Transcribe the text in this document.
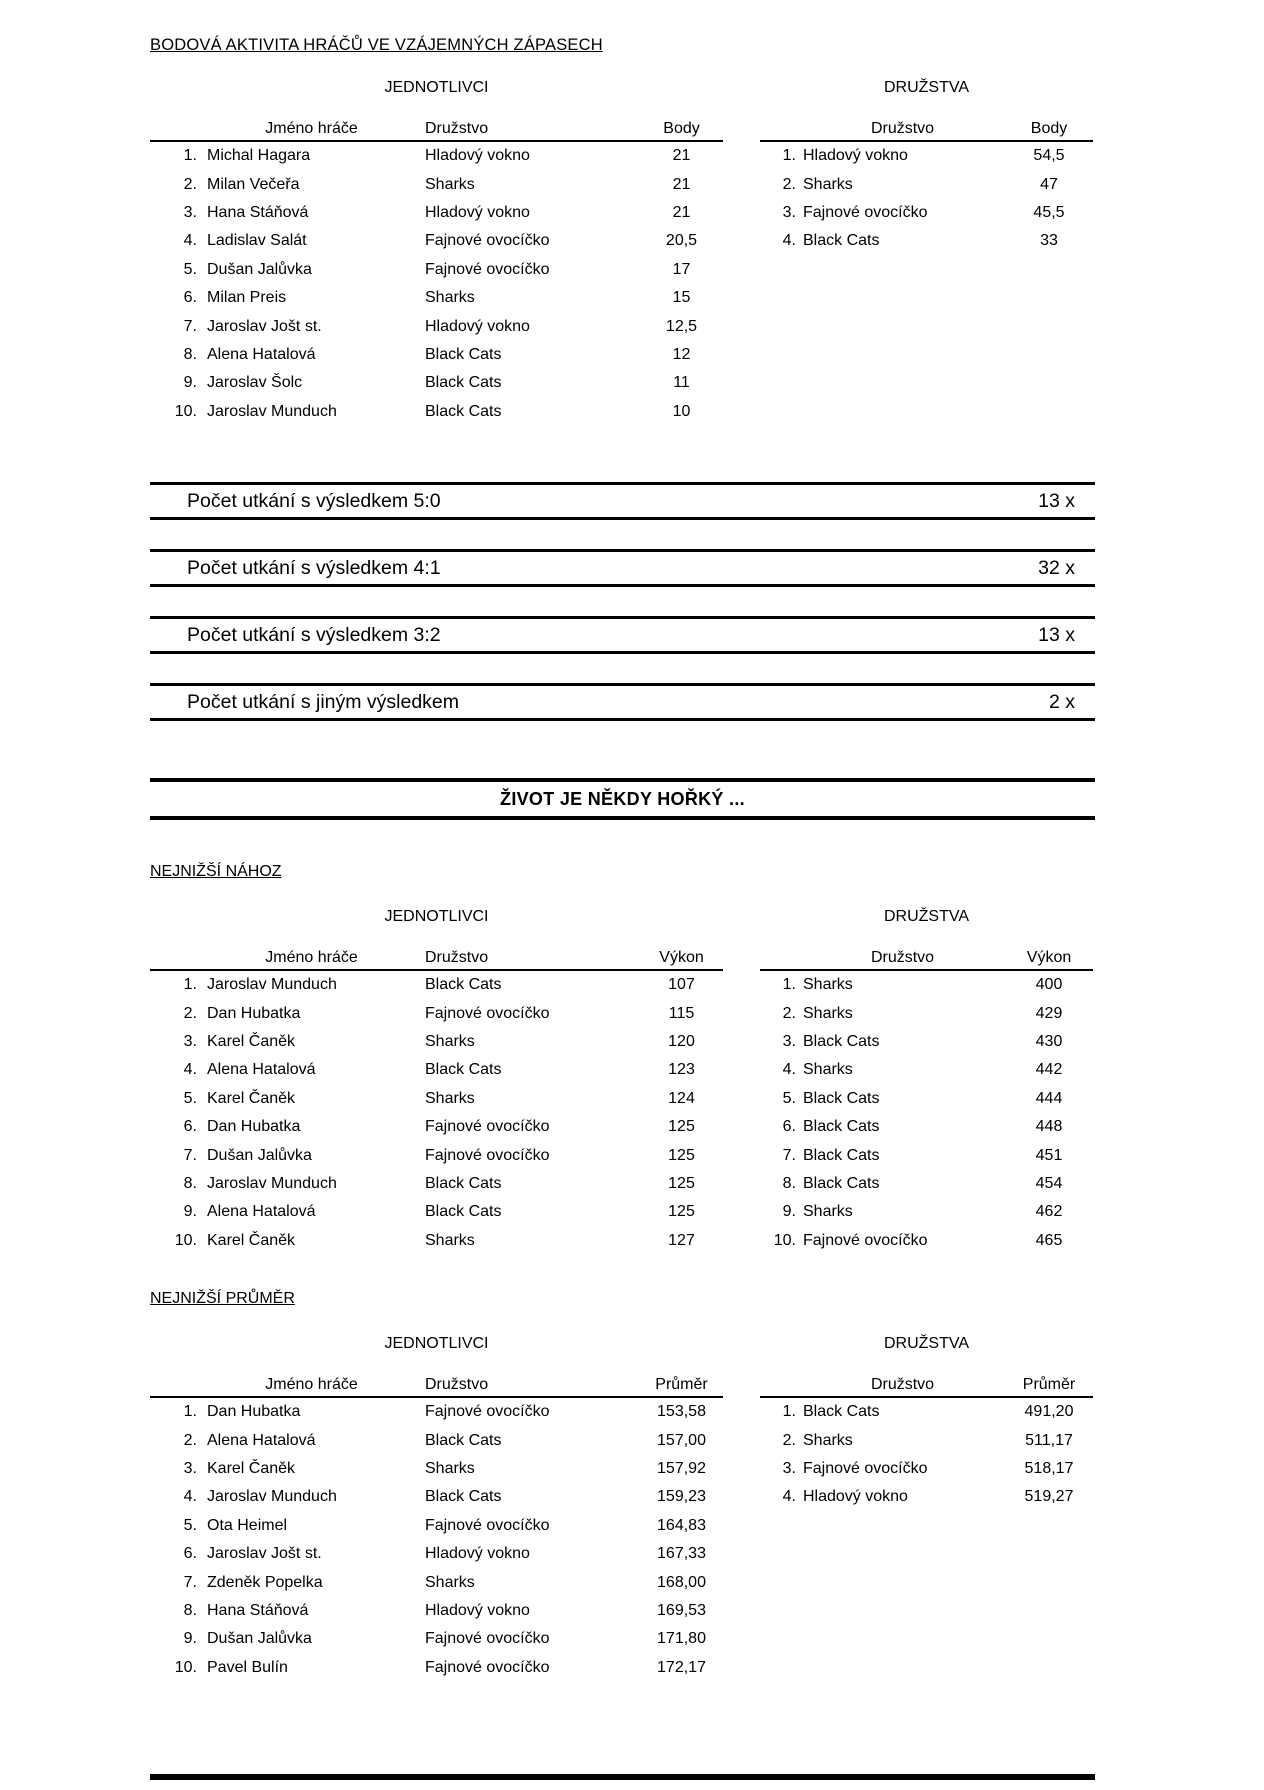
BODOVÁ AKTIVITA HRÁČŮ VE VZÁJEMNÝCH ZÁPASECH
JEDNOTLIVCI
Jméno hráče	Družstvo	Body
1. Michal Hagara	Hladový vokno	21
2. Milan Večeřa	Sharks	21
3. Hana Stáňová	Hladový vokno	21
4. Ladislav Salát	Fajnové ovocíčko	20,5
5. Dušan Jalůvka	Fajnové ovocíčko	17
6. Milan Preis	Sharks	15
7. Jaroslav Jošt st.	Hladový vokno	12,5
8. Alena Hatalová	Black Cats	12
9. Jaroslav Šolc	Black Cats	11
10. Jaroslav Munduch	Black Cats	10
DRUŽSTVA
Družstvo	Body
1. Hladový vokno	54,5
2. Sharks	47
3. Fajnové ovocíčko	45,5
4. Black Cats	33
Počet utkání s výsledkem 5:0	13 x
Počet utkání s výsledkem 4:1	32 x
Počet utkání s výsledkem 3:2	13 x
Počet utkání s jiným výsledkem	2 x
ŽIVOT JE NĚKDY HOŘKÝ ...
NEJNIŽŠÍ NÁHOZ
JEDNOTLIVCI
Jméno hráče	Družstvo	Výkon
1. Jaroslav Munduch	Black Cats	107
2. Dan Hubatka	Fajnové ovocíčko	115
3. Karel Čaněk	Sharks	120
4. Alena Hatalová	Black Cats	123
5. Karel Čaněk	Sharks	124
6. Dan Hubatka	Fajnové ovocíčko	125
7. Dušan Jalůvka	Fajnové ovocíčko	125
8. Jaroslav Munduch	Black Cats	125
9. Alena Hatalová	Black Cats	125
10. Karel Čaněk	Sharks	127
DRUŽSTVA
Družstvo	Výkon
1. Sharks	400
2. Sharks	429
3. Black Cats	430
4. Sharks	442
5. Black Cats	444
6. Black Cats	448
7. Black Cats	451
8. Black Cats	454
9. Sharks	462
10. Fajnové ovocíčko	465
NEJNIŽŠÍ PRŮMĚR
JEDNOTLIVCI
Jméno hráče	Družstvo	Průměr
1. Dan Hubatka	Fajnové ovocíčko	153,58
2. Alena Hatalová	Black Cats	157,00
3. Karel Čaněk	Sharks	157,92
4. Jaroslav Munduch	Black Cats	159,23
5. Ota Heimel	Fajnové ovocíčko	164,83
6. Jaroslav Jošt st.	Hladový vokno	167,33
7. Zdeněk Popelka	Sharks	168,00
8. Hana Stáňová	Hladový vokno	169,53
9. Dušan Jalůvka	Fajnové ovocíčko	171,80
10. Pavel Bulín	Fajnové ovocíčko	172,17
DRUŽSTVA
Družstvo	Průměr
1. Black Cats	491,20
2. Sharks	511,17
3. Fajnové ovocíčko	518,17
4. Hladový vokno	519,27
